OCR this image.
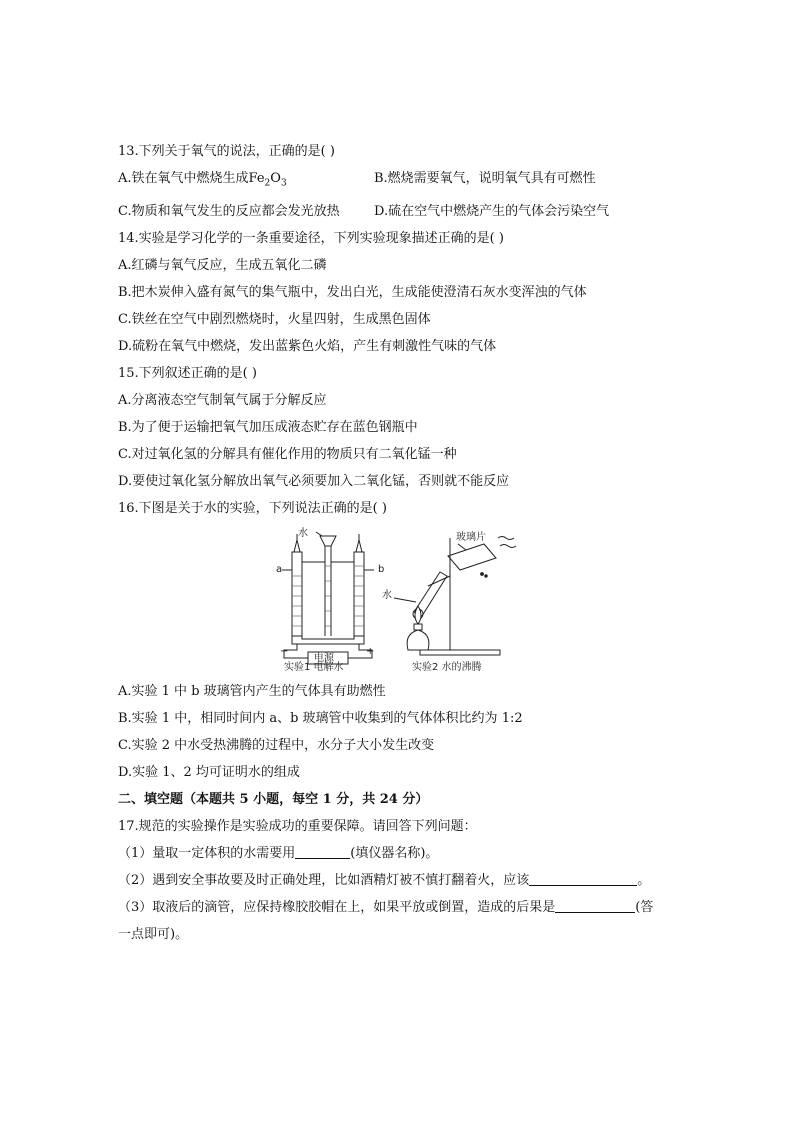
13.下列关于氧气的说法，正确的是( )
A.铁在氧气中燃烧生成$Fe_2O_3$	B.燃烧需要氧气，说明氧气具有可燃性
C.物质和氧气发生的反应都会发光放热	D.硫在空气中燃烧产生的气体会污染空气
14.实验是学习化学的一条重要途径，下列实验现象描述正确的是( )
A.红磷与氧气反应，生成五氧化二磷
B.把木炭伸入盛有氮气的集气瓶中，发出白光，生成能使澄清石灰水变浑浊的气体
C.铁丝在空气中剧烈燃烧时，火星四射，生成黑色固体
D.硫粉在氧气中燃烧，发出蓝紫色火焰，产生有刺激性气味的气体
15.下列叙述正确的是( )
A.分离液态空气制氧气属于分解反应
B.为了便于运输把氧气加压成液态贮存在蓝色钢瓶中
C.对过氧化氢的分解具有催化作用的物质只有二氧化锰一种
D.要使过氧化氢分解放出氧气必须要加入二氧化锰，否则就不能反应
16.下图是关于水的实验，下列说法正确的是( )
水
a	b
−
电源
+
实验1 电解水
玻璃片
水
实验2 水的沸腾
A.实验 1 中 b 玻璃管内产生的气体具有助燃性
B.实验 1 中，相同时间内 a、b 玻璃管中收集到的气体体积比约为 1:2
C.实验 2 中水受热沸腾的过程中，水分子大小发生改变
D.实验 1、2 均可证明水的组成
二、填空题（本题共 5 小题，每空 1 分，共 24 分）
17.规范的实验操作是实验成功的重要保障。请回答下列问题：
（1）量取一定体积的水需要用	(填仪器名称)。
（2）遇到安全事故要及时正确处理，比如酒精灯被不慎打翻着火，应该	。
（3）取液后的滴管，应保持橡胶胶帽在上，如果平放或倒置，造成的后果是	(答
一点即可)。
